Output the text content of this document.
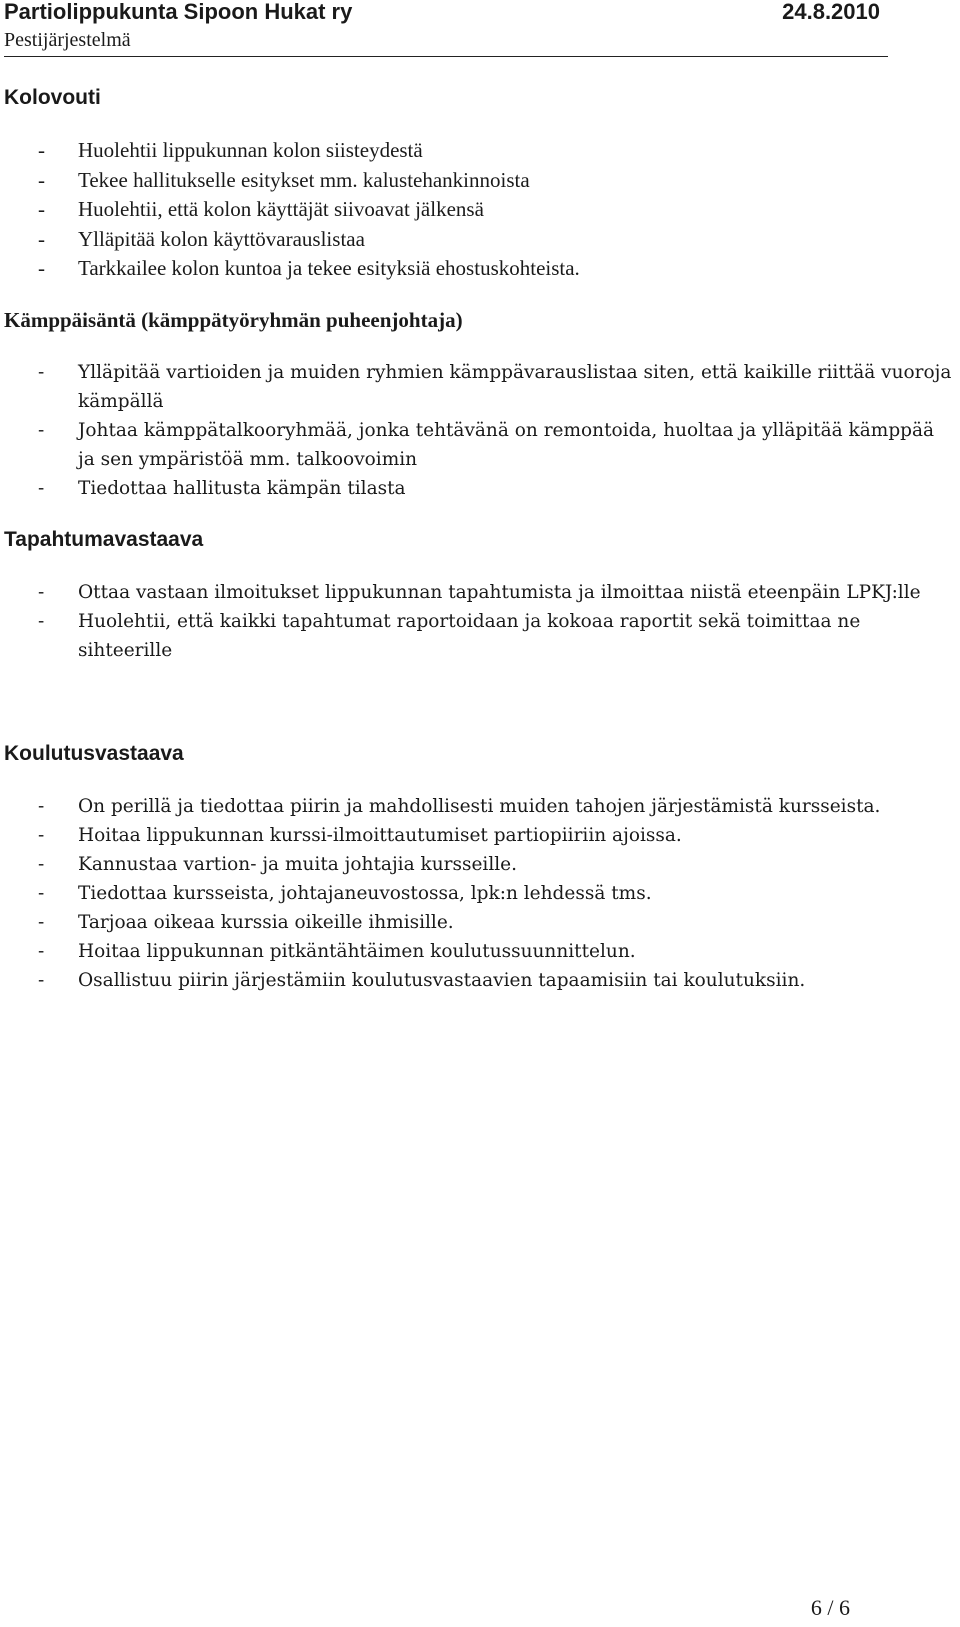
Partiolippukunta Sipoon Hukat ry	24.8.2010
Pestijärjestelmä
Kolovouti
- Huolehtii lippukunnan kolon siisteydestä
- Tekee hallitukselle esitykset mm. kalustehankinnoista
- Huolehtii, että kolon käyttäjät siivoavat jälkensä
- Ylläpitää kolon käyttövarauslistaa
- Tarkkailee kolon kuntoa ja tekee esityksiä ehostuskohteista.
Kämppäisäntä (kämppätyöryhmän puheenjohtaja)
- Ylläpitää vartioiden ja muiden ryhmien kämppävarauslistaa siten, että kaikille riittää vuoroja kämpällä
- Johtaa kämppätalkooryhmää, jonka tehtävänä on remontoida, huoltaa ja ylläpitää kämppää ja sen ympäristöä mm. talkoovoimin
- Tiedottaa hallitusta kämpän tilasta
Tapahtumavastaava
- Ottaa vastaan ilmoitukset lippukunnan tapahtumista ja ilmoittaa niistä eteenpäin LPKJ:lle
- Huolehtii, että kaikki tapahtumat raportoidaan ja kokoaa raportit sekä toimittaa ne sihteerille
Koulutusvastaava
- On perillä ja tiedottaa piirin ja mahdollisesti muiden tahojen järjestämistä kursseista.
- Hoitaa lippukunnan kurssi-ilmoittautumiset partiopiiriin ajoissa.
- Kannustaa vartion- ja muita johtajia kursseille.
- Tiedottaa kursseista, johtajaneuvostossa, lpk:n lehdessä tms.
- Tarjoaa oikeaa kurssia oikeille ihmisille.
- Hoitaa lippukunnan pitkäntähtäimen koulutussuunnittelun.
- Osallistuu piirin järjestämiin koulutusvastaavien tapaamisiin tai koulutuksiin.
6 / 6
